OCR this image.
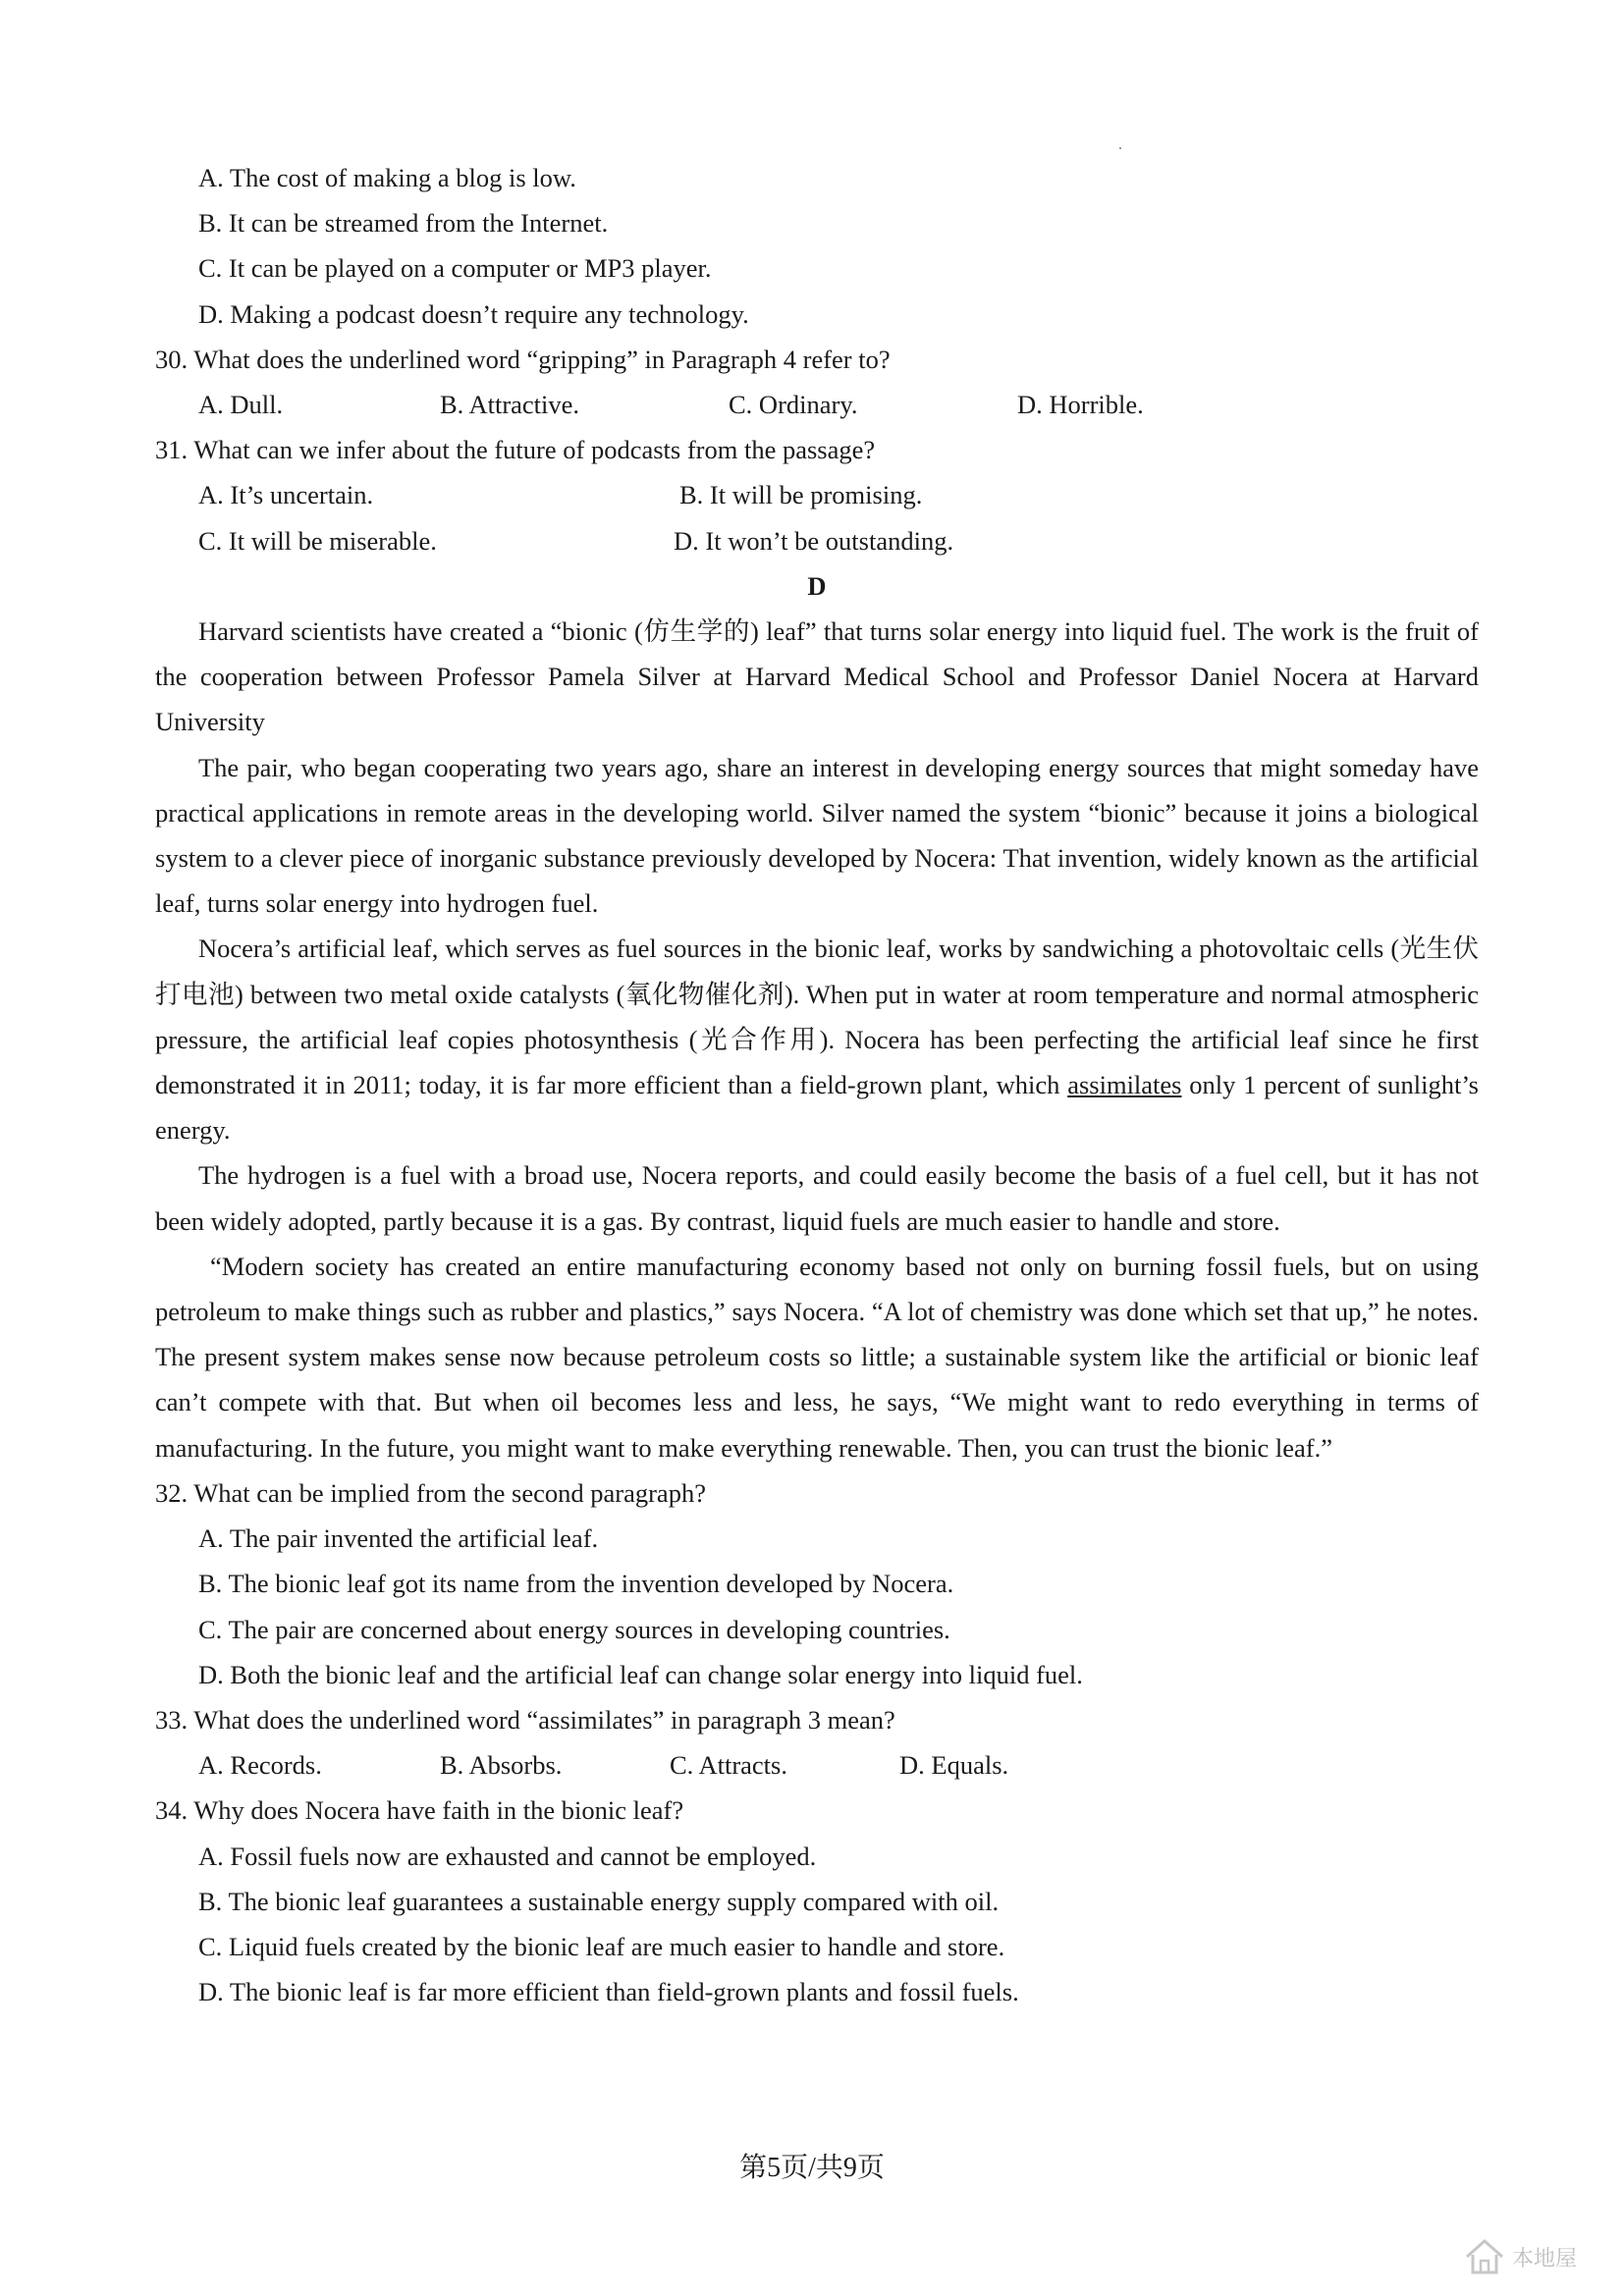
A. The cost of making a blog is low.
B. It can be streamed from the Internet.
C. It can be played on a computer or MP3 player.
D. Making a podcast doesn’t require any technology.
30. What does the underlined word “gripping” in Paragraph 4 refer to?
A. Dull.	B. Attractive.	C. Ordinary.	D. Horrible.
31. What can we infer about the future of podcasts from the passage?
A. It’s uncertain.	B. It will be promising.
C. It will be miserable.	D. It won’t be outstanding.
D

Harvard scientists have created a “bionic (仿生学的) leaf” that turns solar energy into liquid fuel. The work is the fruit of the cooperation between Professor Pamela Silver at Harvard Medical School and Professor Daniel Nocera at Harvard University

The pair, who began cooperating two years ago, share an interest in developing energy sources that might someday have practical applications in remote areas in the developing world. Silver named the system “bionic” because it joins a biological system to a clever piece of inorganic substance previously developed by Nocera: That invention, widely known as the artificial leaf, turns solar energy into hydrogen fuel.

Nocera’s artificial leaf, which serves as fuel sources in the bionic leaf, works by sandwiching a photovoltaic cells (光生伏打电池) between two metal oxide catalysts (氧化物催化剂). When put in water at room temperature and normal atmospheric pressure, the artificial leaf copies photosynthesis (光合作用). Nocera has been perfecting the artificial leaf since he first demonstrated it in 2011; today, it is far more efficient than a field-grown plant, which assimilates only 1 percent of sunlight’s energy.

The hydrogen is a fuel with a broad use, Nocera reports, and could easily become the basis of a fuel cell, but it has not been widely adopted, partly because it is a gas. By contrast, liquid fuels are much easier to handle and store.

“Modern society has created an entire manufacturing economy based not only on burning fossil fuels, but on using petroleum to make things such as rubber and plastics,” says Nocera. “A lot of chemistry was done which set that up,” he notes. The present system makes sense now because petroleum costs so little; a sustainable system like the artificial or bionic leaf can’t compete with that. But when oil becomes less and less, he says, “We might want to redo everything in terms of manufacturing. In the future, you might want to make everything renewable. Then, you can trust the bionic leaf.”

32. What can be implied from the second paragraph?
A. The pair invented the artificial leaf.
B. The bionic leaf got its name from the invention developed by Nocera.
C. The pair are concerned about energy sources in developing countries.
D. Both the bionic leaf and the artificial leaf can change solar energy into liquid fuel.
33. What does the underlined word “assimilates” in paragraph 3 mean?
A. Records.	B. Absorbs.	C. Attracts.	D. Equals.
34. Why does Nocera have faith in the bionic leaf?
A. Fossil fuels now are exhausted and cannot be employed.
B. The bionic leaf guarantees a sustainable energy supply compared with oil.
C. Liquid fuels created by the bionic leaf are much easier to handle and store.
D. The bionic leaf is far more efficient than field-grown plants and fossil fuels.
第5页/共9页
本地屋
